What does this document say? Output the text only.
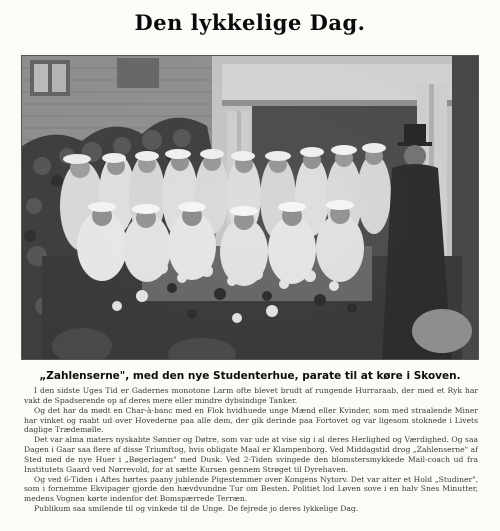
Den lykkelige Dag.
„Zahlenserne", med den nye Studenterhue, parate til at køre i Skoven.

I den sidste Uges Tid er Gadernes monotone Larm ofte blevet brudt af rungende Hurraraab, der med et Ryk har vakt de Spadserende op af deres mere eller mindre dybsindige Tanker.

Og det har da mødt en Char-à-banc med en Flok hvidhuede unge Mænd eller Kvinder, som med straalende Miner har vinket og raabt ud over Hovederne paa alle dem, der gik derinde paa Fortovet og var ligesom stoknede i Livets daglige Trædemølle.

Det var alma maters nyskabte Sønner og Døtre, som var ude at vise sig i al deres Herlighed og Værdighed. Og saa Dagen i Gaar saa flere af disse Triumftog, hvis obligate Maal er Klampenborg. Ved Middagstid drog „Zahlenserne" af Sted med de nye Huer i „Bøgerlagen" med Dusk. Ved 2-Tiden svingede den blomstersmykkede Mail-coach ud fra Institutets Gaard ved Nørrevold, for at sætte Kursen gennem Strøget til Dyrehaven.

Og ved 6-Tiden i Aftes hørtes paany jublende Pigestemmer over Kongens Nytorv. Det var atter et Hold „Studiner", som i fornemme Ekvipager gjorde den hævdvundne Tur om Besten. Politiet lod Løven sove i en halv Snes Minutter, medens Vognen kørte indenfor det Bomspærrede Terræn.

Publikum saa smilende til og vinkede til de Unge. De fejrede jo deres lykkelige Dag.
